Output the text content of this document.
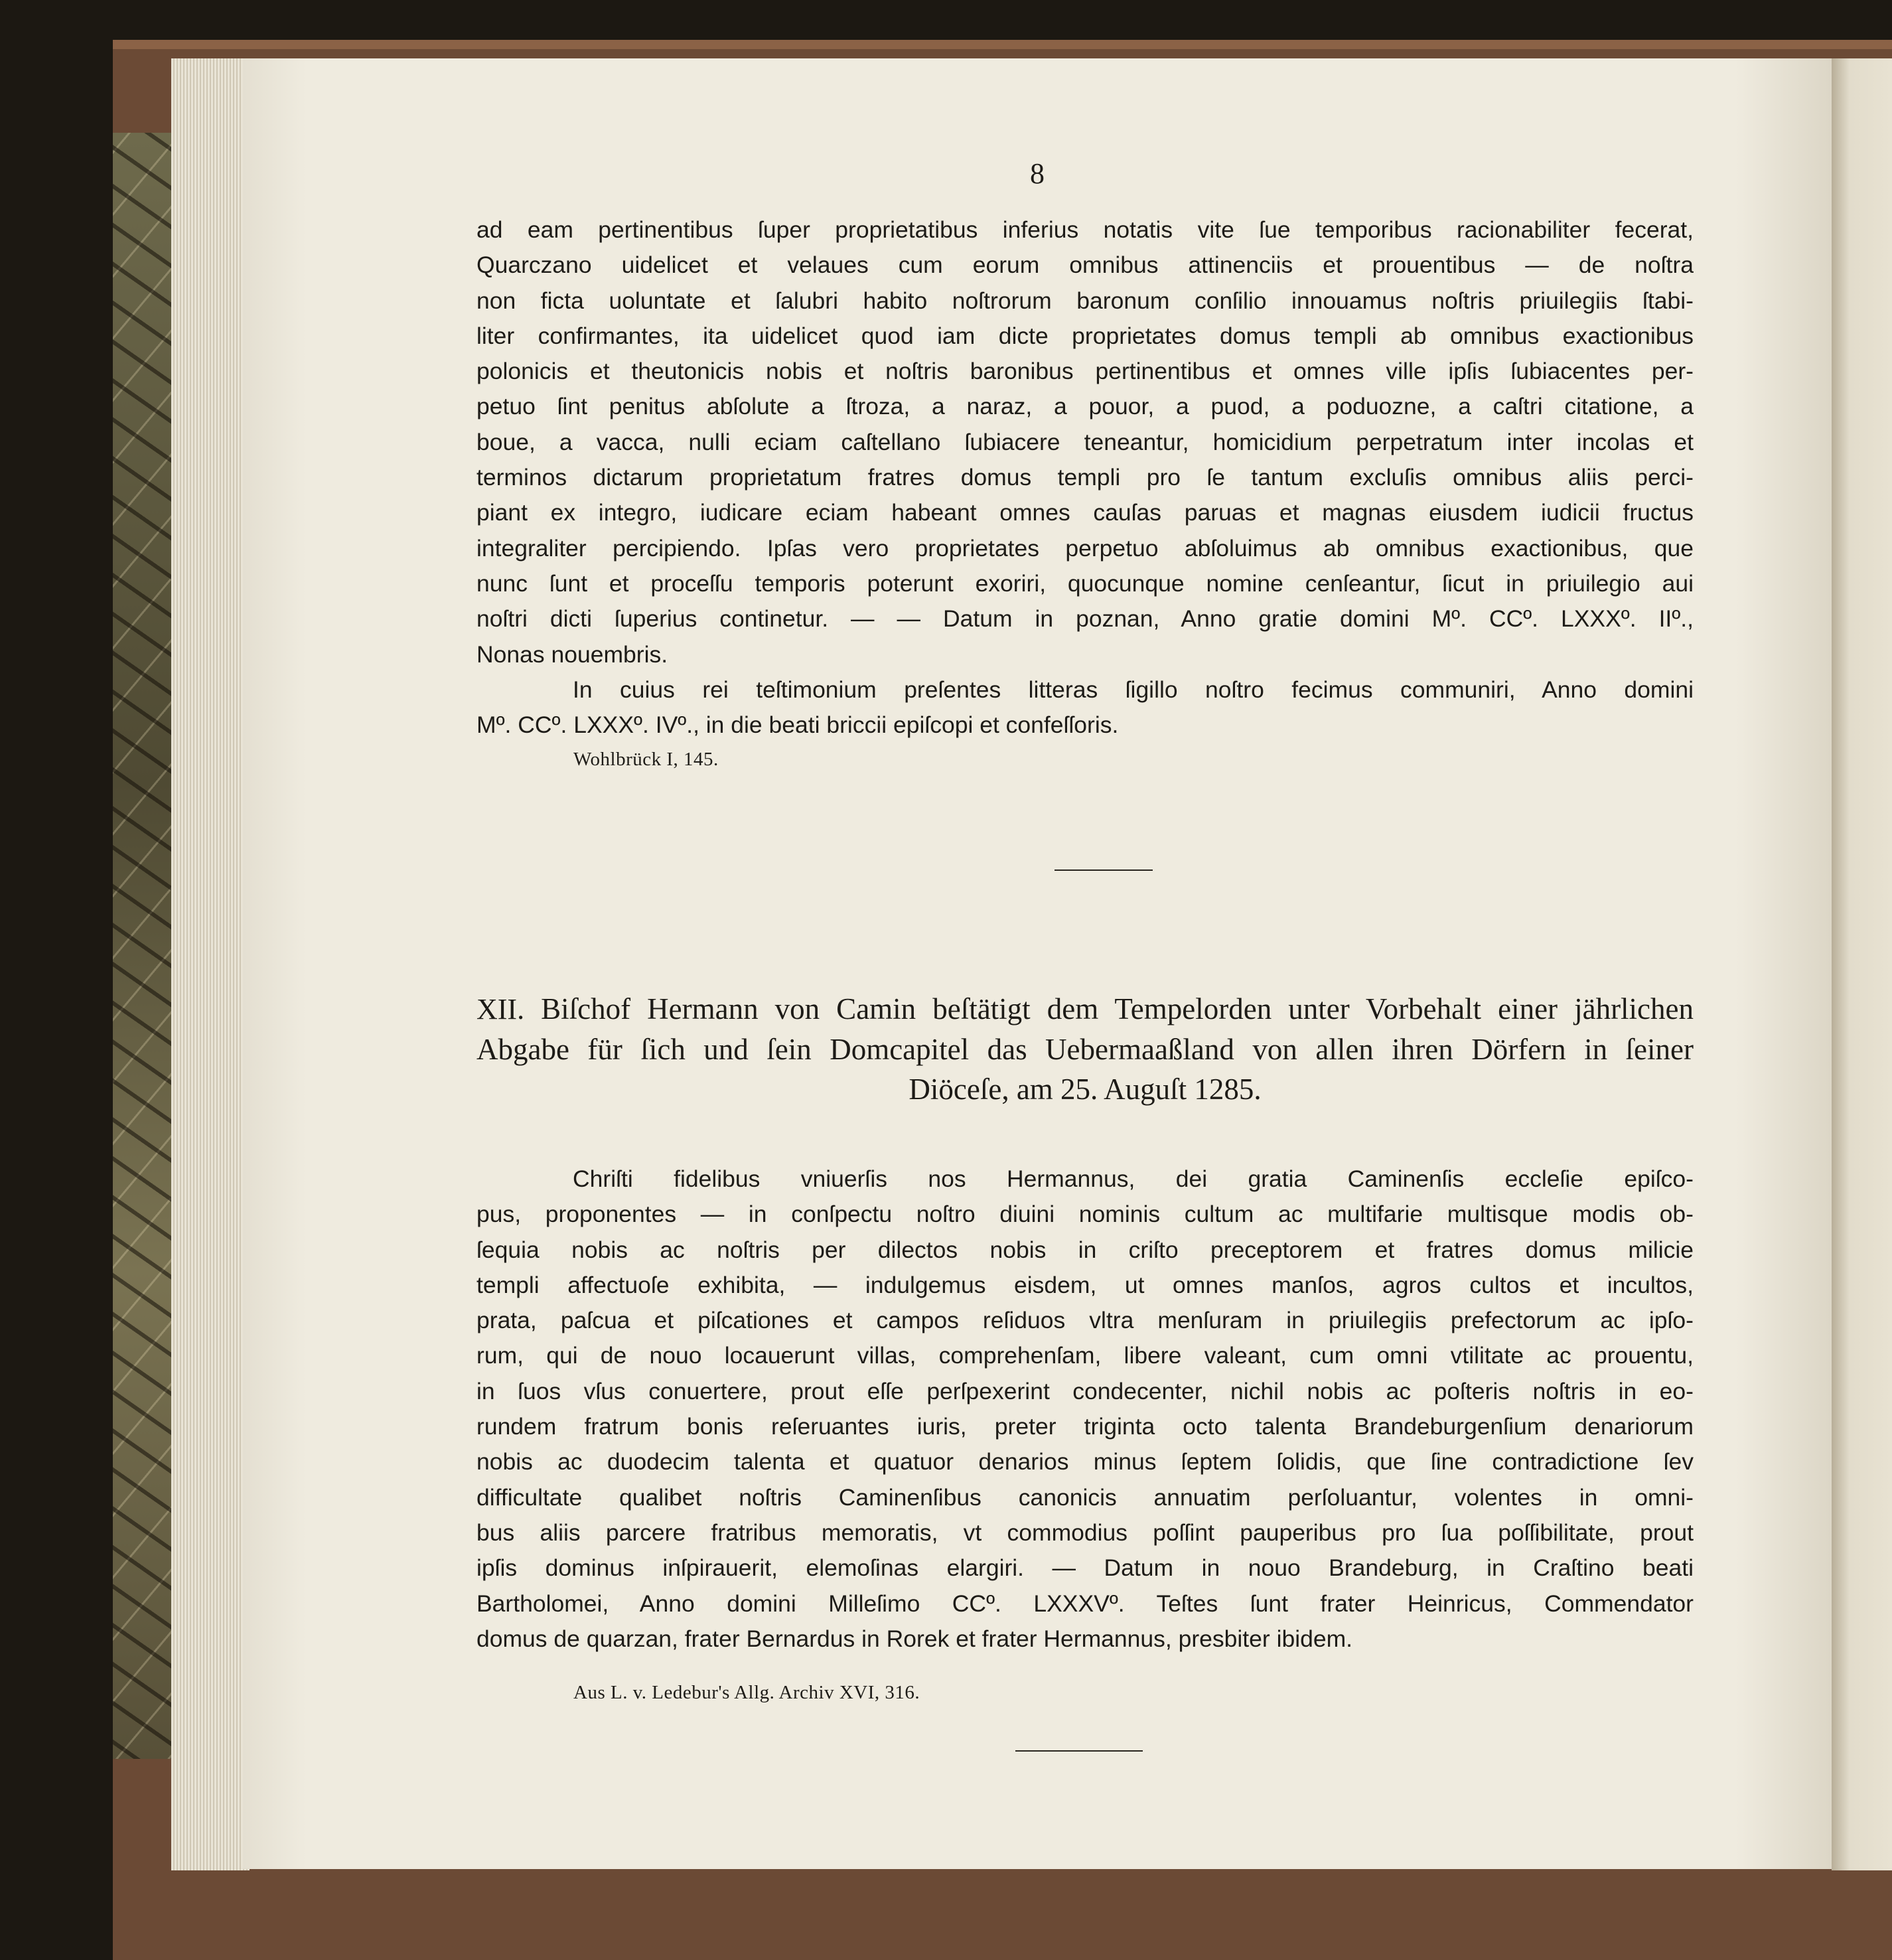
8

ad eam pertinentibus ſuper proprietatibus inferius notatis vite ſue temporibus racionabiliter fecerat,

Quarczano uidelicet et velaues cum eorum omnibus attinenciis et prouentibus — de noſtra

non ficta uoluntate et ſalubri habito noſtrorum baronum conſilio innouamus noſtris priuilegiis ſtabi-

liter confirmantes, ita uidelicet quod iam dicte proprietates domus templi ab omnibus exactionibus

polonicis et theutonicis nobis et noſtris baronibus pertinentibus et omnes ville ipſis ſubiacentes per-

petuo ſint penitus abſolute a ſtroza, a naraz, a pouor, a puod, a poduozne, a caſtri citatione, a

boue, a vacca, nulli eciam caſtellano ſubiacere teneantur, homicidium perpetratum inter incolas et

terminos dictarum proprietatum fratres domus templi pro ſe tantum excluſis omnibus aliis perci-

piant ex integro, iudicare eciam habeant omnes cauſas paruas et magnas eiusdem iudicii fructus

integraliter percipiendo. Ipſas vero proprietates perpetuo abſoluimus ab omnibus exactionibus, que

nunc ſunt et proceſſu temporis poterunt exoriri, quocunque nomine cenſeantur, ſicut in priuilegio aui

noſtri dicti ſuperius continetur. — — Datum in poznan, Anno gratie domini Mº. CCº. LXXXº. IIº.,

Nonas nouembris.

In cuius rei teſtimonium preſentes litteras ſigillo noſtro fecimus communiri, Anno domini

Mº. CCº. LXXXº. IVº., in die beati briccii epiſcopi et confeſſoris.

Wohlbrück I, 145.

XII. Biſchof Hermann von Camin beſtätigt dem Tempelorden unter Vorbehalt einer jährlichen

Abgabe für ſich und ſein Domcapitel das Uebermaaßland von allen ihren Dörfern in ſeiner

Diöceſe, am 25. Auguſt 1285.

Chriſti fidelibus vniuerſis nos Hermannus, dei gratia Caminenſis eccleſie epiſco-

pus, proponentes — in conſpectu noſtro diuini nominis cultum ac multifarie multisque modis ob-

ſequia nobis ac noſtris per dilectos nobis in criſto preceptorem et fratres domus milicie

templi affectuoſe exhibita, — indulgemus eisdem, ut omnes manſos, agros cultos et incultos,

prata, paſcua et piſcationes et campos reſiduos vltra menſuram in priuilegiis prefectorum ac ipſo-

rum, qui de nouo locauerunt villas, comprehenſam, libere valeant, cum omni vtilitate ac prouentu,

in ſuos vſus conuertere, prout eſſe perſpexerint condecenter, nichil nobis ac poſteris noſtris in eo-

rundem fratrum bonis reſeruantes iuris, preter triginta octo talenta Brandeburgenſium denariorum

nobis ac duodecim talenta et quatuor denarios minus ſeptem ſolidis, que ſine contradictione ſev

difficultate qualibet noſtris Caminenſibus canonicis annuatim perſoluantur, volentes in omni-

bus aliis parcere fratribus memoratis, vt commodius poſſint pauperibus pro ſua poſſibilitate, prout

ipſis dominus inſpirauerit, elemoſinas elargiri. — Datum in nouo Brandeburg, in Craſtino beati

Bartholomei, Anno domini Milleſimo CCº. LXXXVº. Teſtes ſunt frater Heinricus, Commendator

domus de quarzan, frater Bernardus in Rorek et frater Hermannus, presbiter ibidem.

Aus L. v. Ledebur's Allg. Archiv XVI, 316.
